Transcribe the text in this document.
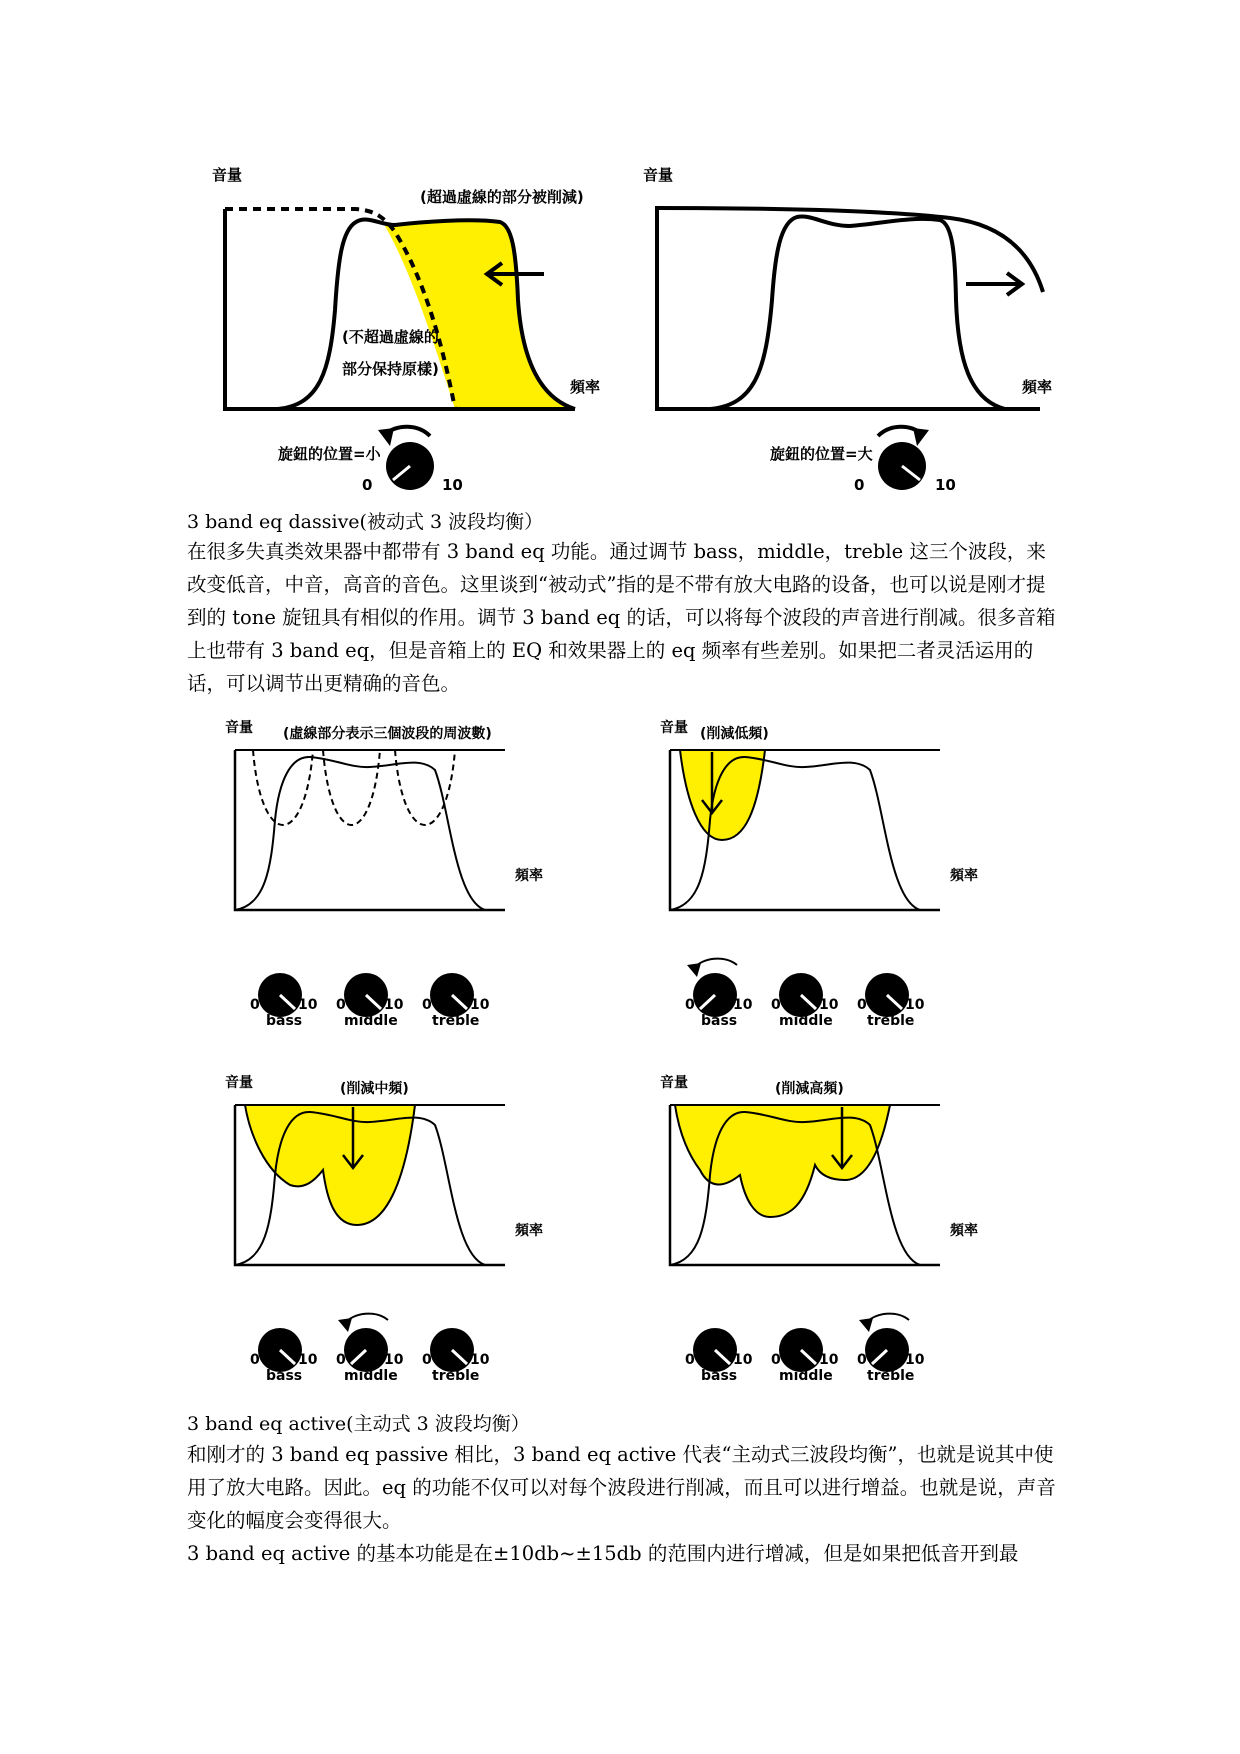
音量
(超過虛線的部分被削減)
(不超過虛線的
部分保持原樣)
頻率
旋鈕的位置=小
0	10
音量
頻率
旋鈕的位置=大
0	10
3 band eq dassive(被动式 3 波段均衡）

在很多失真类效果器中都带有 3 band eq 功能。通过调节 bass，middle，treble 这三个波段，来改变低音，中音，高音的音色。这里谈到“被动式”指的是不带有放大电路的设备，也可以说是刚才提到的 tone 旋钮具有相似的作用。调节 3 band eq 的话，可以将每个波段的声音进行削减。很多音箱上也带有 3 band eq，但是音箱上的 EQ 和效果器上的 eq 频率有些差别。如果把二者灵活运用的话，可以调节出更精确的音色。

音量 (虛線部分表示三個波段的周波數)
頻率
0	10
bass
0	10
middle
0	10
treble
音量 (削減低頻)
頻率
0	10
bass
0	10
middle
0	10
treble
音量	(削減中頻)
頻率
0	10
bass
0	10
middle
0	10
treble
音量	(削減高頻)
頻率
0	10
bass
0	10
middle
0	10
treble
3 band eq active(主动式 3 波段均衡）

和刚才的 3 band eq passive 相比，3 band eq active 代表“主动式三波段均衡”，也就是说其中使用了放大电路。因此。eq 的功能不仅可以对每个波段进行削减，而且可以进行增益。也就是说，声音变化的幅度会变得很大。

3 band eq active 的基本功能是在±10db~±15db 的范围内进行增减，但是如果把低音开到最
